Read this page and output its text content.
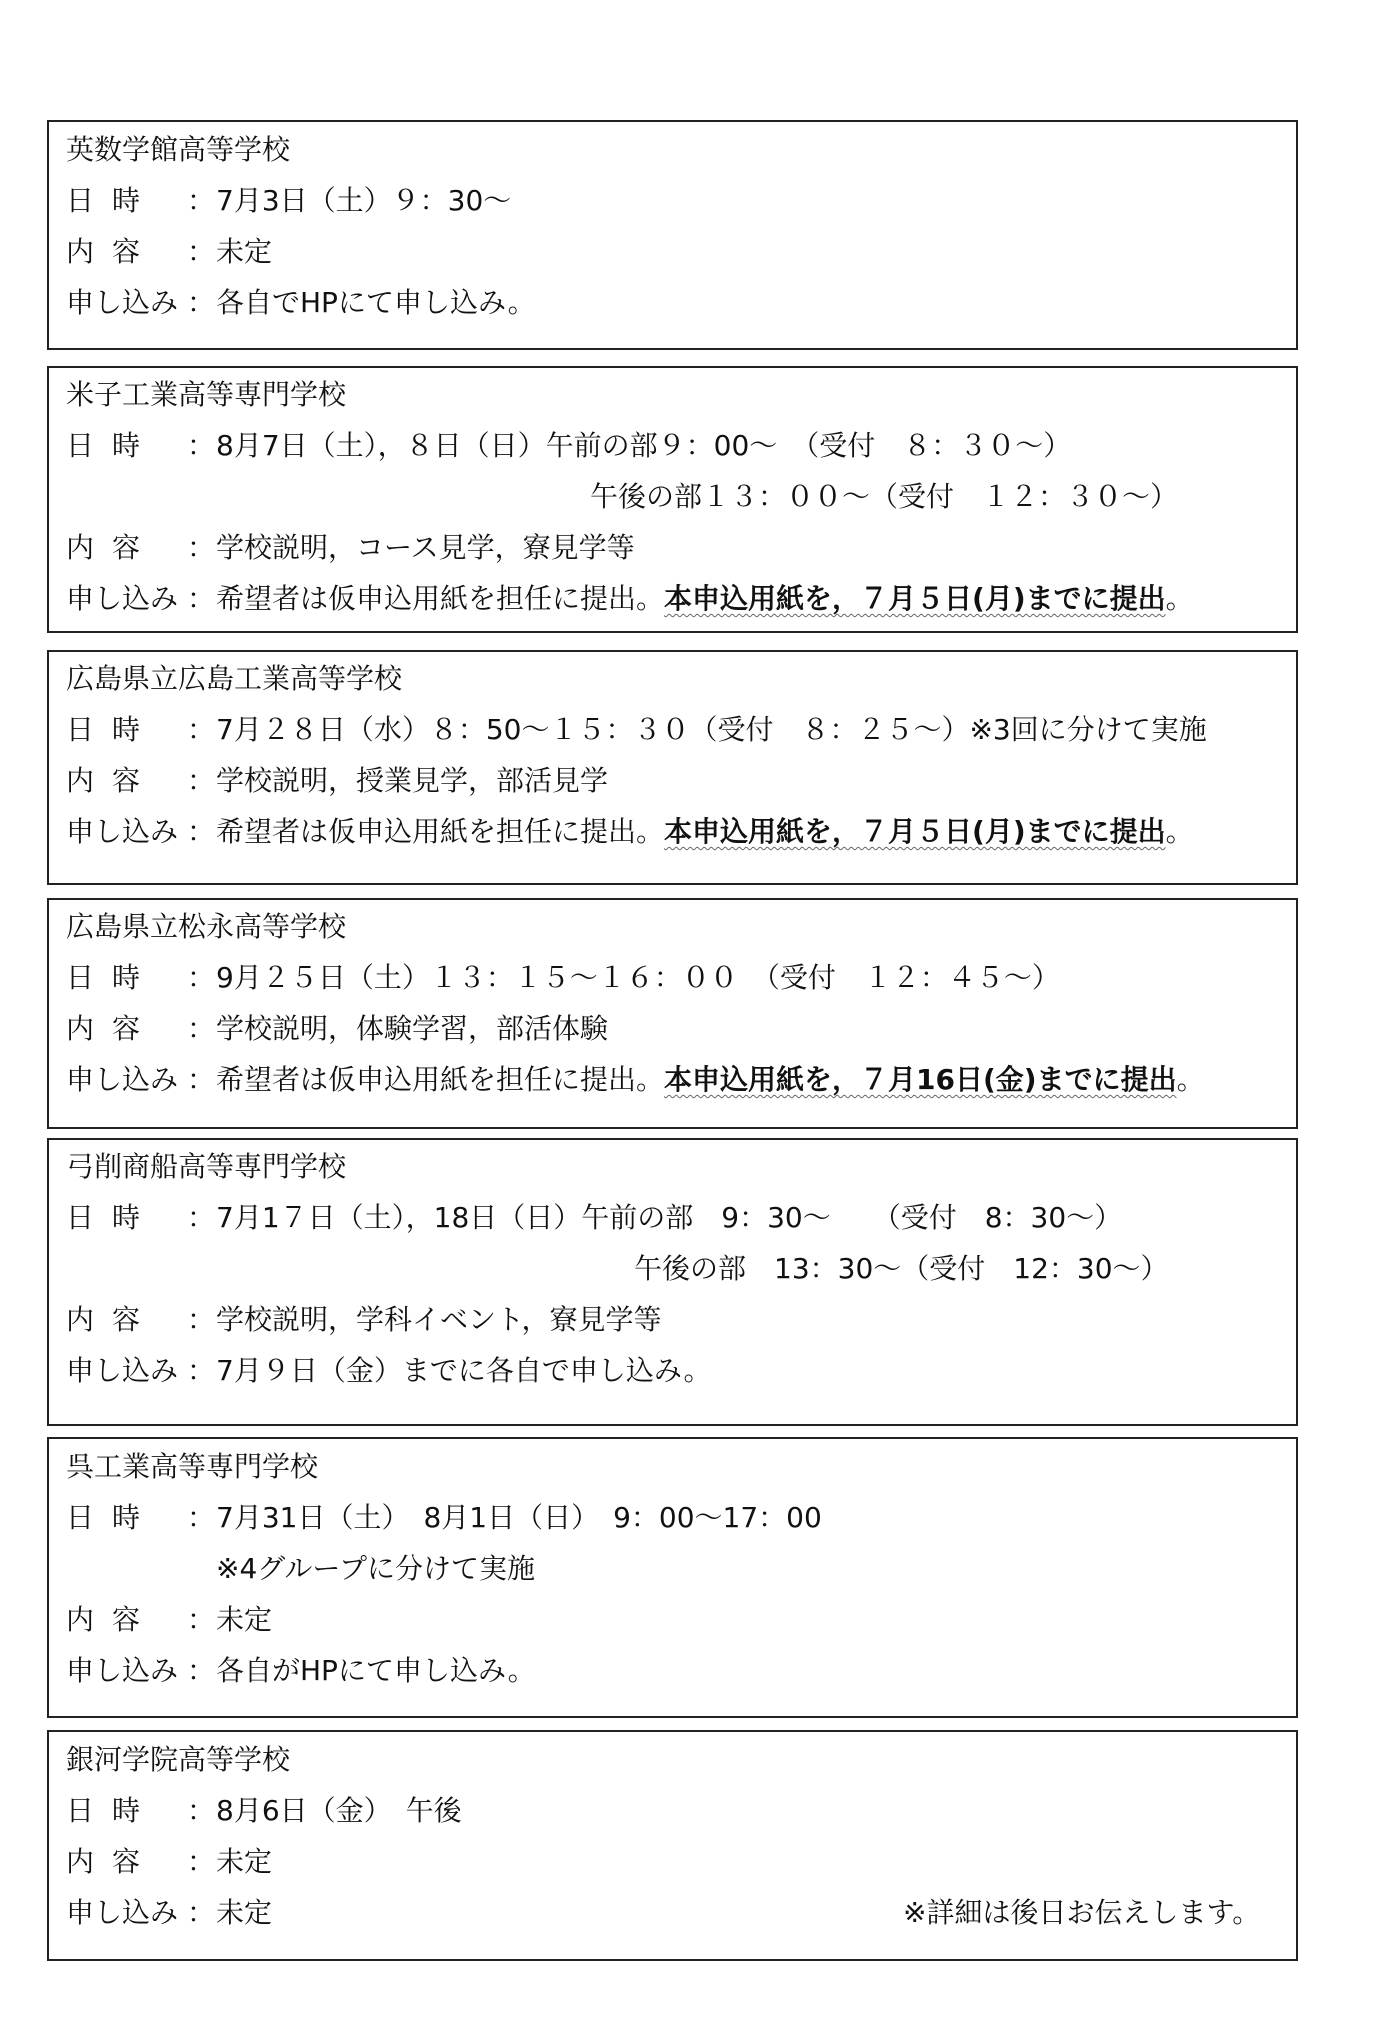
英数学館高等学校
日 時 ： 7月3日（土）９：30～
内 容 ： 未定
申し込み ： 各自でHPにて申し込み。
米子工業高等専門学校
日 時 ： 8月7日（土），８日（日）午前の部９：00～　（受付　８：３０～）
午後の部１３：００～（受付　１２：３０～）
内 容 ： 学校説明，コース見学，寮見学等
申し込み ： 希望者は仮申込用紙を担任に提出。本申込用紙を，７月５日(月)までに提出。
広島県立広島工業高等学校
日 時 ： 7月２８日（水）８：50～１５：３０（受付　８：２５～）※3回に分けて実施
内 容 ： 学校説明，授業見学，部活見学
申し込み ： 希望者は仮申込用紙を担任に提出。本申込用紙を，７月５日(月)までに提出。
広島県立松永高等学校
日 時 ： 9月２５日（土）１３：１５～１６：００　（受付　１２：４５～）
内 容 ： 学校説明，体験学習，部活体験
申し込み ： 希望者は仮申込用紙を担任に提出。本申込用紙を，７月16日(金)までに提出。
弓削商船高等専門学校
日 時 ： 7月1７日（土），18日（日）午前の部　9：30～　　（受付　8：30～）
午後の部　13：30～（受付　12：30～）
内 容 ： 学校説明，学科イベント，寮見学等
申し込み ： 7月９日（金）までに各自で申し込み。
呉工業高等専門学校
日 時 ： 7月31日（土）　8月1日（日）　9：00～17：00
※4グループに分けて実施
内 容 ： 未定
申し込み ： 各自がHPにて申し込み。
銀河学院高等学校
日 時 ： 8月6日（金）　午後
内 容 ： 未定
申し込み ： 未定	※詳細は後日お伝えします。
